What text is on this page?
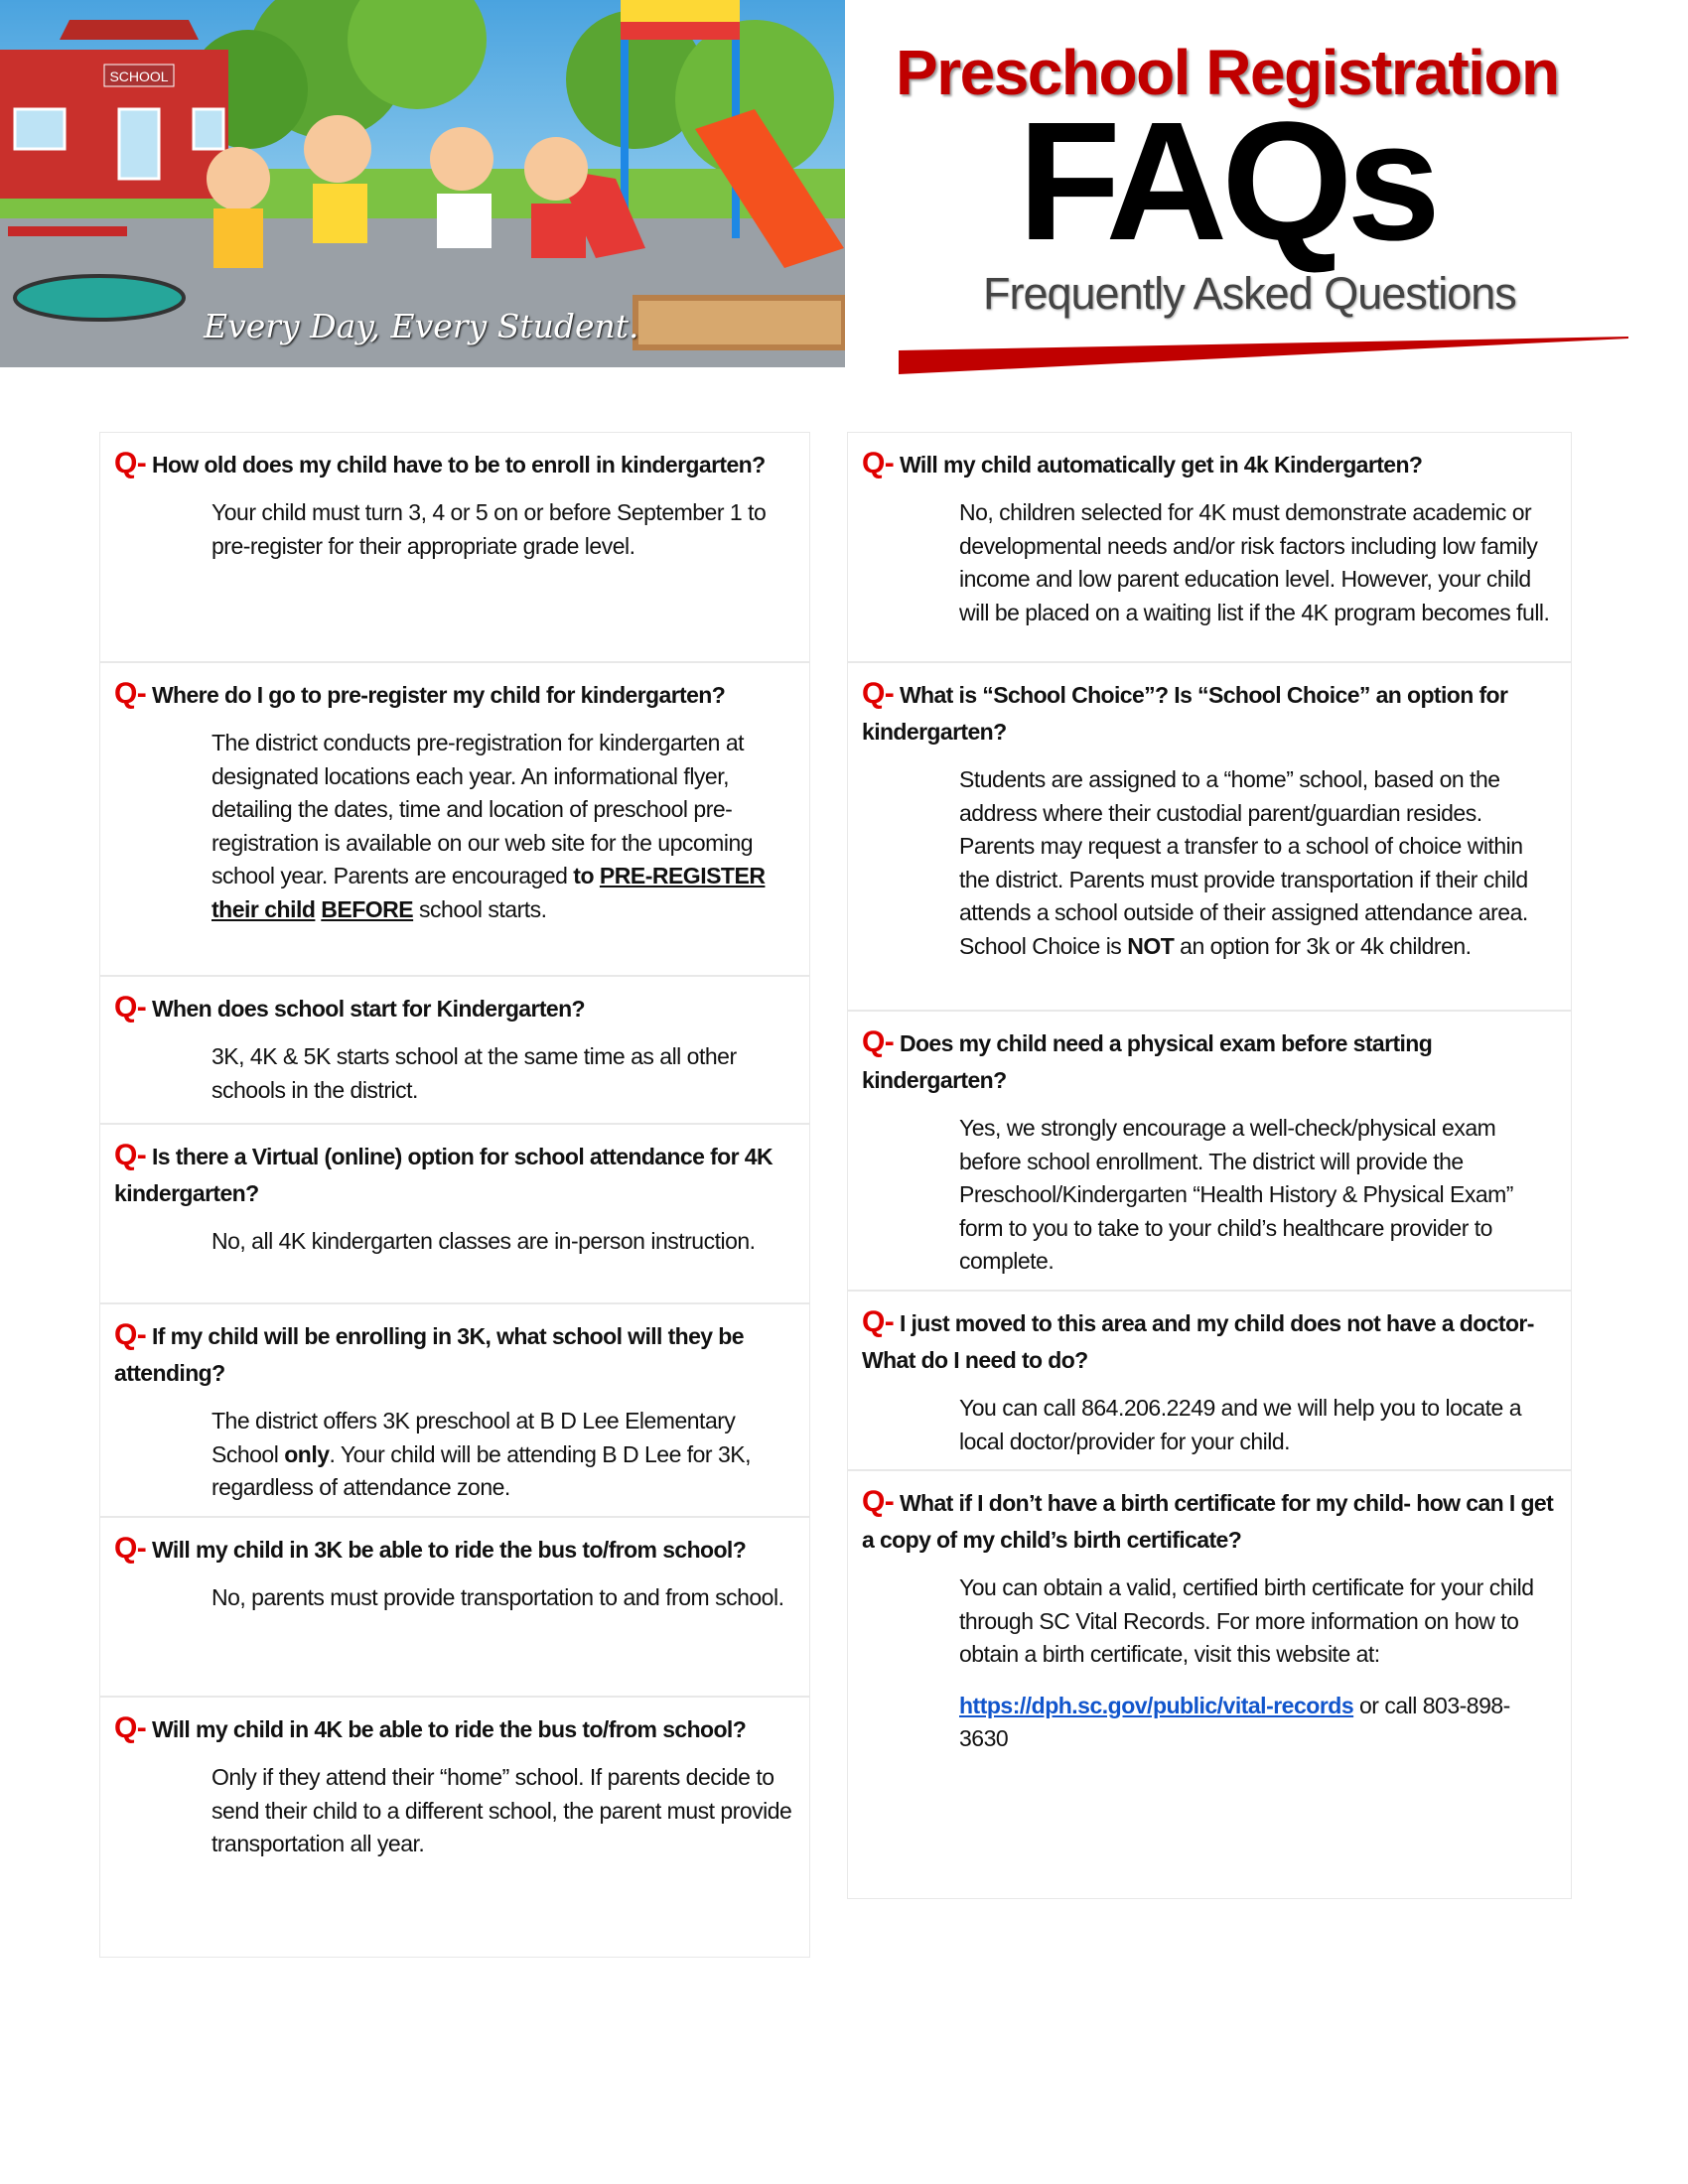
SCHOOL
Every Day, Every Student.
Preschool Registration
FAQs
Frequently Asked Questions

Q- How old does my child have to be to enroll in kindergarten?

Your child must turn 3, 4 or 5 on or before September 1 to pre-register for their appropriate grade level.

Q- Where do I go to pre-register my child for kindergarten?

The district conducts pre-registration for kindergarten at designated locations each year. An informational flyer, detailing the dates, time and location of preschool pre- registration is available on our web site for the upcoming school year. Parents are encouraged to PRE-REGISTER their child BEFORE school starts.

Q- When does school start for Kindergarten?

3K, 4K & 5K starts school at the same time as all other schools in the district.

Q- Is there a Virtual (online) option for school attendance for 4K kindergarten?

No, all 4K kindergarten classes are in-person instruction.

Q- If my child will be enrolling in 3K, what school will they be attending?

The district offers 3K preschool at B D Lee Elementary School only. Your child will be attending B D Lee for 3K, regardless of attendance zone.

Q- Will my child in 3K be able to ride the bus to/from school?

No, parents must provide transportation to and from school.

Q- Will my child in 4K be able to ride the bus to/from school?

Only if they attend their “home” school. If parents decide to send their child to a different school, the parent must provide transportation all year.

Q- Will my child automatically get in 4k Kindergarten?

No, children selected for 4K must demonstrate academic or developmental needs and/or risk factors including low family income and low parent education level. However, your child will be placed on a waiting list if the 4K program becomes full.

Q- What is “School Choice”? Is “School Choice” an option for kindergarten?

Students are assigned to a “home” school, based on the address where their custodial parent/guardian resides. Parents may request a transfer to a school of choice within the district. Parents must provide transportation if their child attends a school outside of their assigned attendance area. School Choice is NOT an option for 3k or 4k children.

Q- Does my child need a physical exam before starting kindergarten?

Yes, we strongly encourage a well-check/physical exam before school enrollment. The district will provide the Preschool/Kindergarten “Health History & Physical Exam” form to you to take to your child’s healthcare provider to complete.

Q- I just moved to this area and my child does not have a doctor-What do I need to do?

You can call 864.206.2249 and we will help you to locate a local doctor/provider for your child.

Q- What if I don’t have a birth certificate for my child- how can I get a copy of my child’s birth certificate?

You can obtain a valid, certified birth certificate for your child through SC Vital Records. For more information on how to obtain a birth certificate, visit this website at:

https://dph.sc.gov/public/vital-records or call 803-898-3630
